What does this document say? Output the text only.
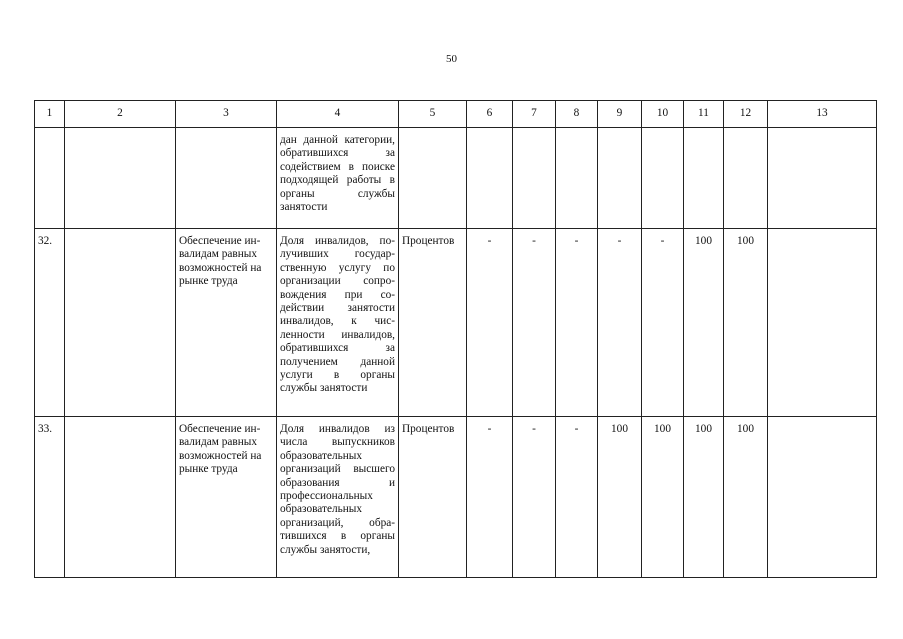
50
1	2	3	4	5	6	7	8	9	10	11	12	13
			дан данной категории, обратившихся за содействием в поиске подходящей работы в органы службы занятости									
32.		Обеспечение инвалидам равных возможностей на рынке труда	Доля инвалидов, получивших государственную услугу по организации сопровождения при содействии занятости инвалидов, к численности инвалидов, обратившихся за получением данной услуги в органы службы занятости	Процентов	-	-	-	-	-	100	100	
33.		Обеспечение инвалидам равных возможностей на рынке труда	Доля инвалидов из числа выпускников образовательных организаций высшего образования и профессиональных образовательных организаций, обратившихся в органы службы занятости,	Процентов	-	-	-	100	100	100	100	
